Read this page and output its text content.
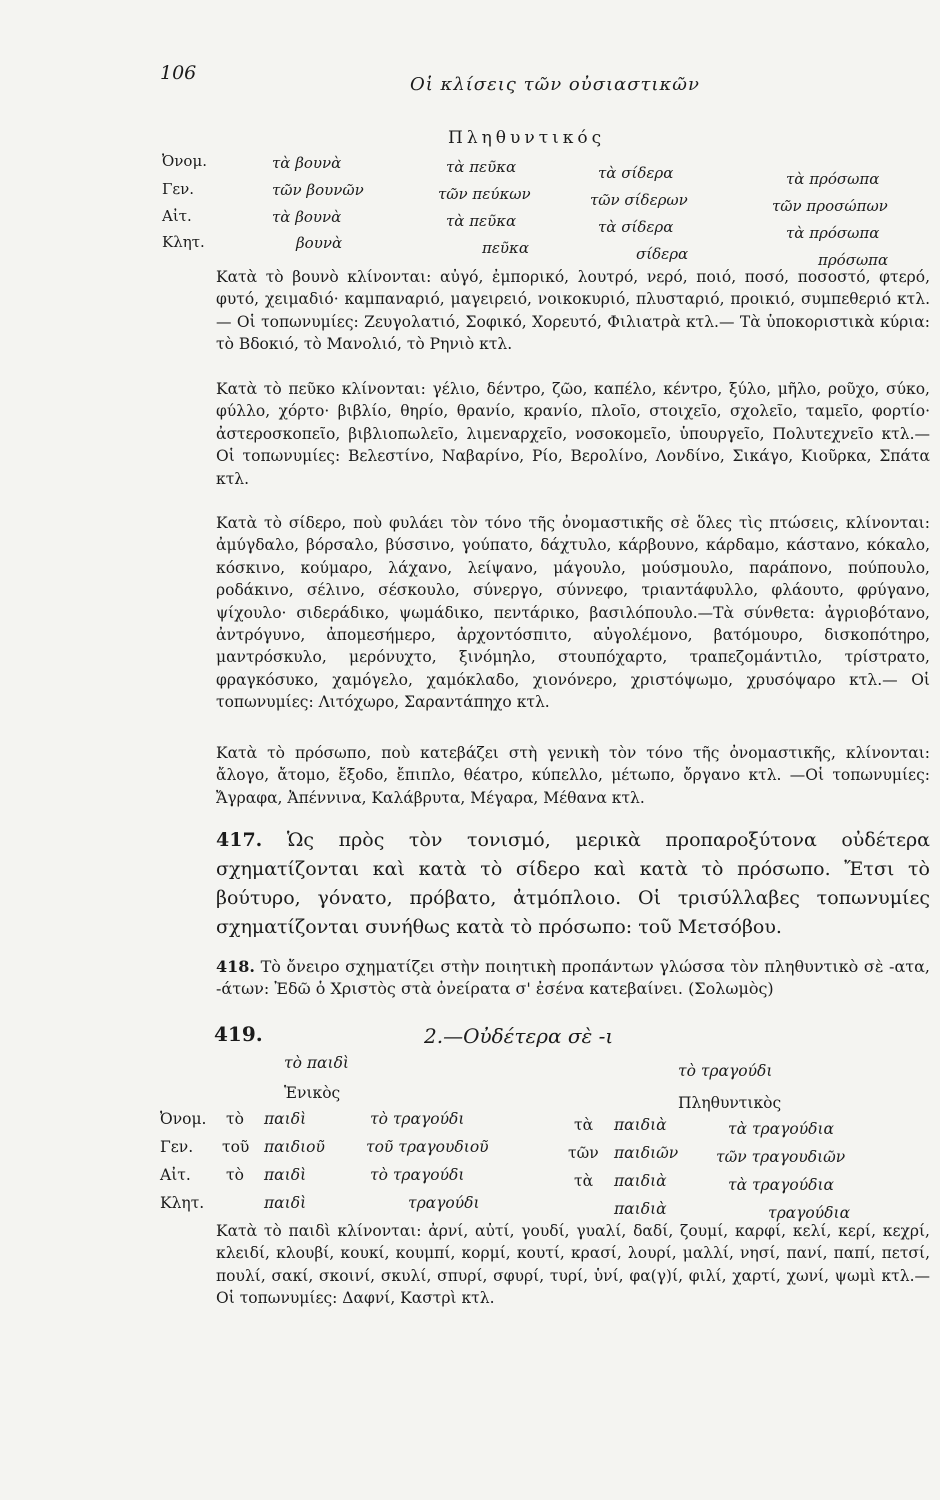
106
Οἱ κλίσεις τῶν οὐσιαστικῶν
Πληθυντικός
Ὀνομ.
Γεν.
Αἰτ.
Κλητ.
τὰ βουνὰ
τῶν βουνῶν
τὰ βουνὰ
βουνὰ
τὰ πεῦκα
τῶν πεύκων
τὰ πεῦκα
πεῦκα
τὰ σίδερα
τῶν σίδερων
τὰ σίδερα
σίδερα
τὰ πρόσωπα
τῶν προσώπων
τὰ πρόσωπα
πρόσωπα
Κατὰ τὸ βουνὸ κλίνονται: αὐγό, ἐμπορικό, λουτρό, νερό, ποιό, ποσό, ποσοστό, φτερό, φυτό, χειμαδιό· καμπαναριό, μαγειρειό, νοικοκυριό, πλυσταριό, προικιό, συμπεθεριό κτλ.— Οἱ τοπωνυμίες: Ζευγολατιό, Σοφικό, Χορευτό, Φιλιατρὰ κτλ.— Τὰ ὑποκοριστικὰ κύρια: τὸ Βδοκιό, τὸ Μανολιό, τὸ Ρηνιὸ κτλ.
Κατὰ τὸ πεῦκο κλίνονται: γέλιο, δέντρο, ζῶο, καπέλο, κέντρο, ξύλο, μῆλο, ροῦχο, σύκο, φύλλο, χόρτο· βιβλίο, θηρίο, θρανίο, κρανίο, πλοῖο, στοιχεῖο, σχολεῖο, ταμεῖο, φορτίο· ἀστεροσκοπεῖο, βιβλιοπωλεῖο, λιμεναρχεῖο, νοσοκομεῖο, ὑπουργεῖο, Πολυτεχνεῖο κτλ.—Οἱ τοπωνυμίες: Βελεστίνο, Ναβαρίνο, Ρίο, Βερολίνο, Λονδίνο, Σικάγο, Κιοῦρκα, Σπάτα κτλ.
Κατὰ τὸ σίδερο, ποὺ φυλάει τὸν τόνο τῆς ὀνομαστικῆς σὲ ὅλες τὶς πτώσεις, κλίνονται: ἀμύγδαλο, βόρσαλο, βύσσινο, γούπατο, δάχτυλο, κάρβουνο, κάρδαμο, κάστανο, κόκαλο, κόσκινο, κούμαρο, λάχανο, λείψανο, μάγουλο, μούσμουλο, παράπονο, πούπουλο, ροδάκινο, σέλινο, σέσκουλο, σύνεργο, σύννεφο, τριαντάφυλλο, φλάουτο, φρύγανο, ψίχουλο· σιδεράδικο, ψωμάδικο, πεντάρικο, βασιλόπουλο.—Τὰ σύνθετα: ἀγριοβότανο, ἀντρόγυνο, ἀπομεσήμερο, ἀρχοντόσπιτο, αὐγολέμονο, βατόμουρο, δισκοπότηρο, μαντρόσκυλο, μερόνυχτο, ξινόμηλο, στουπόχαρτο, τραπεζομάντιλο, τρίστρατο, φραγκόσυκο, χαμόγελο, χαμόκλαδο, χιονόνερο, χριστόψωμο, χρυσόψαρο κτλ.— Οἱ τοπωνυμίες: Λιτόχωρο, Σαραντάπηχο κτλ.
Κατὰ τὸ πρόσωπο, ποὺ κατεβάζει στὴ γενικὴ τὸν τόνο τῆς ὀνομαστικῆς, κλίνονται: ἄλογο, ἄτομο, ἔξοδο, ἔπιπλο, θέατρο, κύπελλο, μέτωπο, ὄργανο κτλ. —Οἱ τοπωνυμίες: Ἄγραφα, Ἀπέννινα, Καλάβρυτα, Μέγαρα, Μέθανα κτλ.
417. Ὡς πρὸς τὸν τονισμό, μερικὰ προπαροξύτονα οὐδέτερα σχηματίζονται καὶ κατὰ τὸ σίδερο καὶ κατὰ τὸ πρόσωπο. Ἔτσι τὸ βούτυρο, γόνατο, πρόβατο, ἀτμόπλοιο. Οἱ τρισύλλαβες τοπωνυμίες σχηματίζονται συνήθως κατὰ τὸ πρόσωπο: τοῦ Μετσόβου.
418. Τὸ ὄνειρο σχηματίζει στὴν ποιητικὴ προπάντων γλώσσα τὸν πληθυντικὸ σὲ -ατα, -άτων: Ἐδῶ ὁ Χριστὸς στὰ ὀνείρατα σ' ἐσένα κατεβαίνει. (Σολωμὸς)
419.	2.—Οὐδέτερα σὲ -ι
τὸ παιδὶ	τὸ τραγούδι
Ἑνικὸς
Πληθυντικὸς
Ὀνομ.
Γεν.
Αἰτ.
Κλητ.
τὸ
τοῦ
τὸ
παιδὶ
παιδιοῦ
παιδὶ
παιδὶ
τὸ τραγούδι
τοῦ τραγουδιοῦ
τὸ τραγούδι
τραγούδι
τὰ
τῶν
τὰ
παιδιὰ
παιδιῶν
παιδιὰ
παιδιὰ
τὰ τραγούδια
τῶν τραγουδιῶν
τὰ τραγούδια
τραγούδια
Κατὰ τὸ παιδὶ κλίνονται: ἀρνί, αὐτί, γουδί, γυαλί, δαδί, ζουμί, καρφί, κελί, κερί, κεχρί, κλειδί, κλουβί, κουκί, κουμπί, κορμί, κουτί, κρασί, λουρί, μαλλί, νησί, πανί, παπί, πετσί, πουλί, σακί, σκοινί, σκυλί, σπυρί, σφυρί, τυρί, ὑνί, φα(γ)ί, φιλί, χαρτί, χωνί, ψωμὶ κτλ.—Οἱ τοπωνυμίες: Δαφνί, Καστρὶ κτλ.
